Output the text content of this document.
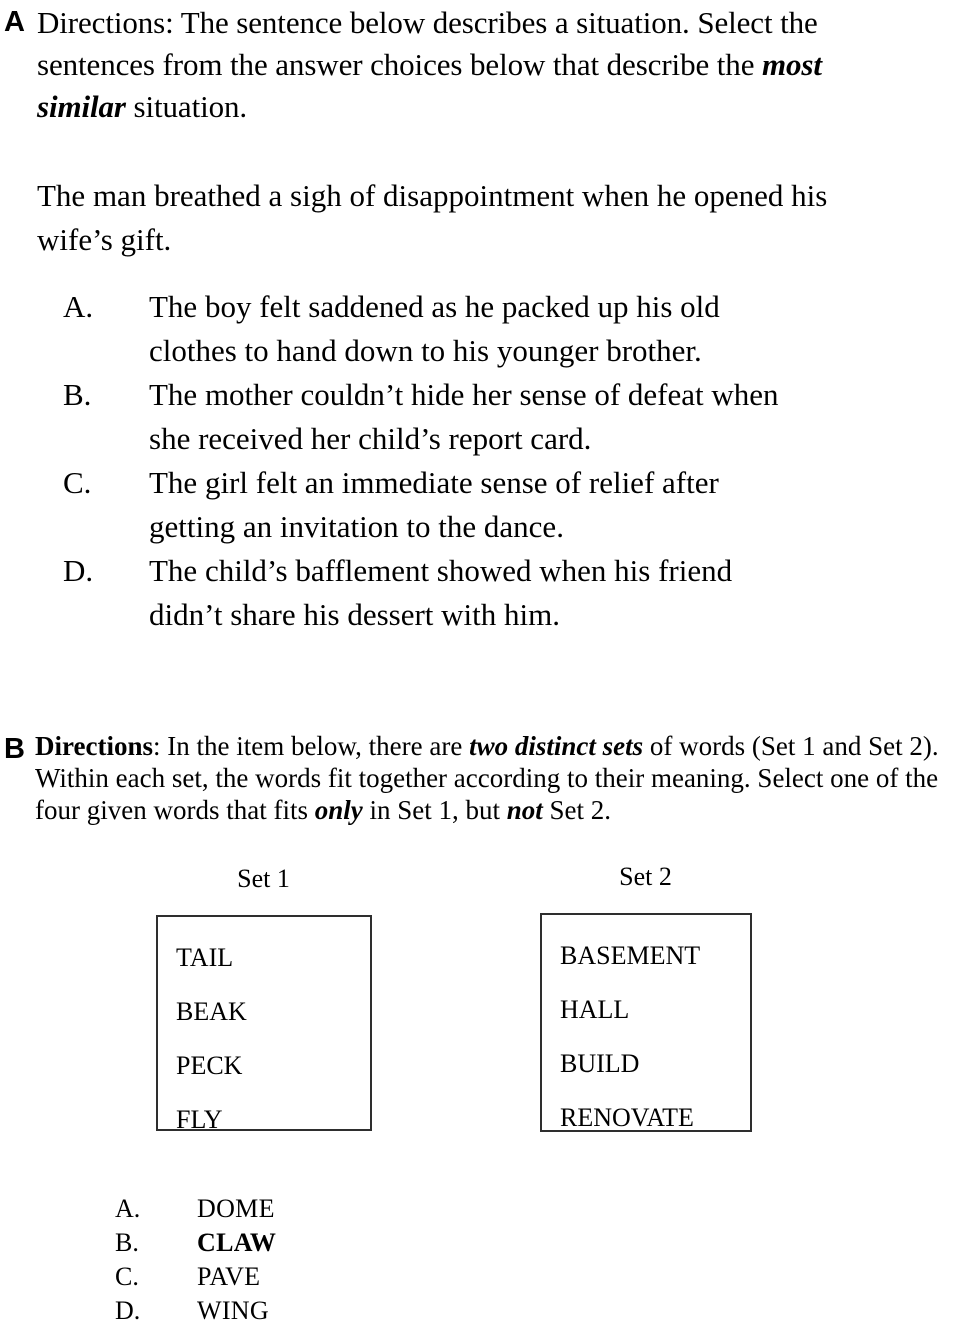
A Directions: The sentence below describes a situation. Select the sentences from the answer choices below that describe the most similar situation.
The man breathed a sigh of disappointment when he opened his wife’s gift.
A.	The boy felt saddened as he packed up his old clothes to hand down to his younger brother.
B.	The mother couldn’t hide her sense of defeat when she received her child’s report card.
C.	The girl felt an immediate sense of relief after getting an invitation to the dance.
D.	The child’s bafflement showed when his friend didn’t share his dessert with him.
B Directions: In the item below, there are two distinct sets of words (Set 1 and Set 2). Within each set, the words fit together according to their meaning. Select one of the four given words that fits only in Set 1, but not Set 2.
Set 1	Set 2
TAIL
BEAK
PECK
FLY
BASEMENT
HALL
BUILD
RENOVATE
A.	DOME
B.	CLAW
C.	PAVE
D.	WING
